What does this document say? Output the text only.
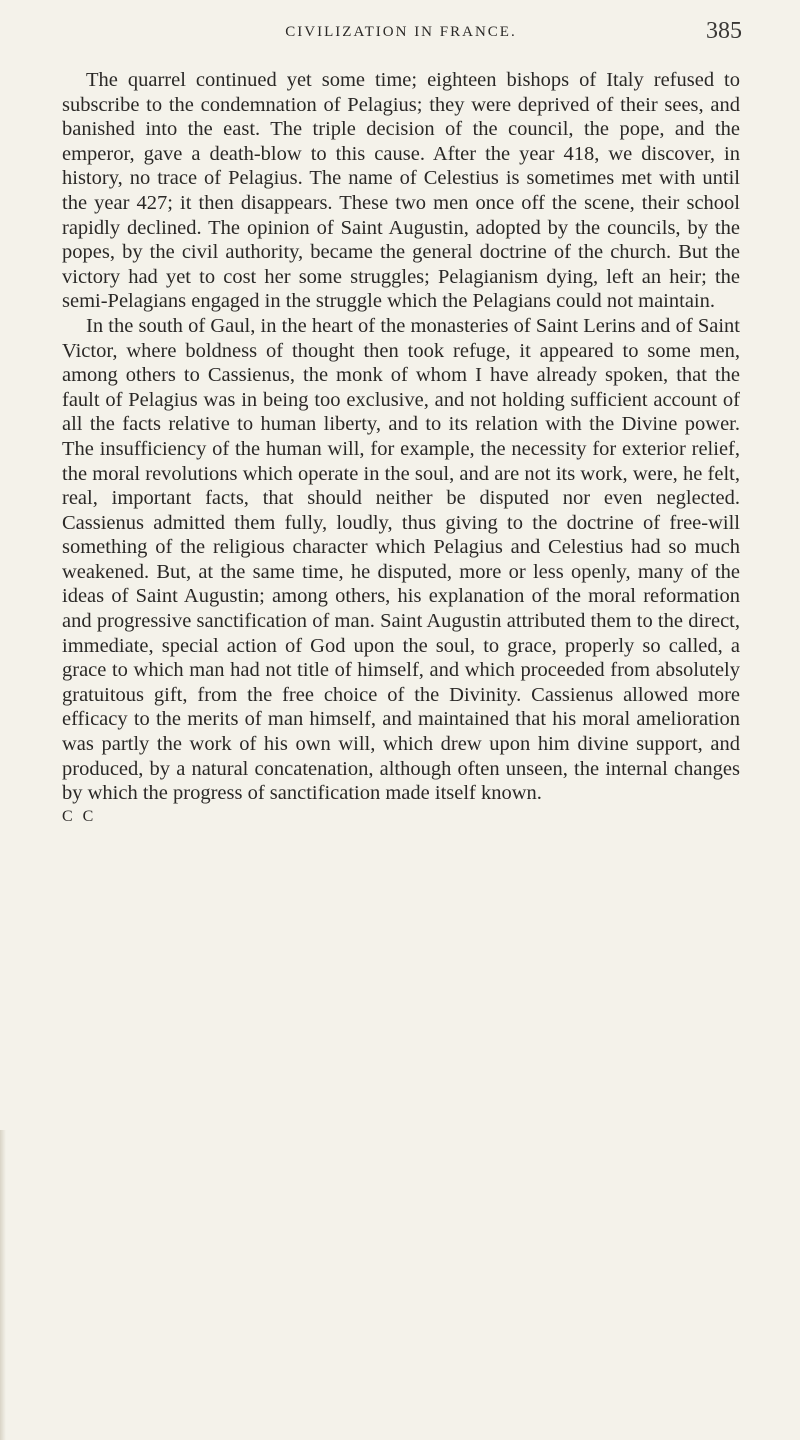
CIVILIZATION IN FRANCE.	385

The quarrel continued yet some time; eighteen bishops of Italy refused to subscribe to the condemnation of Pelagius; they were deprived of their sees, and banished into the east. The triple decision of the council, the pope, and the emperor, gave a death-blow to this cause. After the year 418, we discover, in history, no trace of Pelagius. The name of Celestius is sometimes met with until the year 427; it then disappears. These two men once off the scene, their school rapidly declined. The opinion of Saint Augustin, adopted by the councils, by the popes, by the civil authority, became the general doctrine of the church. But the victory had yet to cost her some struggles; Pelagianism dying, left an heir; the semi-Pelagians engaged in the struggle which the Pelagians could not maintain.

In the south of Gaul, in the heart of the monasteries of Saint Lerins and of Saint Victor, where boldness of thought then took refuge, it appeared to some men, among others to Cassienus, the monk of whom I have already spoken, that the fault of Pelagius was in being too exclusive, and not holding sufficient account of all the facts relative to human liberty, and to its relation with the Divine power. The insufficiency of the human will, for example, the necessity for exterior relief, the moral revolutions which operate in the soul, and are not its work, were, he felt, real, important facts, that should neither be disputed nor even neglected. Cassienus admitted them fully, loudly, thus giving to the doctrine of free-will something of the religious character which Pelagius and Celestius had so much weakened. But, at the same time, he disputed, more or less openly, many of the ideas of Saint Augustin; among others, his explanation of the moral reformation and progressive sanctification of man. Saint Augustin attributed them to the direct, immediate, special action of God upon the soul, to grace, properly so called, a grace to which man had not title of himself, and which proceeded from absolutely gratuitous gift, from the free choice of the Divinity. Cassienus allowed more efficacy to the merits of man himself, and maintained that his moral amelioration was partly the work of his own will, which drew upon him divine support, and produced, by a natural concatenation, although often unseen, the internal changes by which the progress of sanctification made itself known.

C C
